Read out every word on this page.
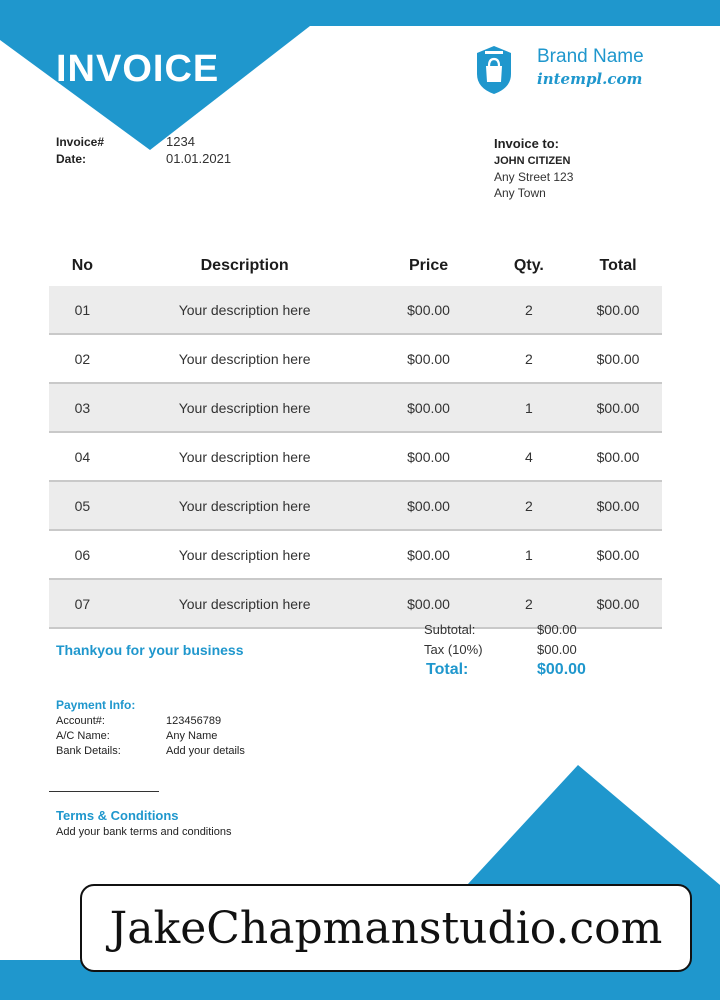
INVOICE	Brand Name
intempl.com
Invoice#	1234
Date:	01.01.2021
Invoice to:
JOHN CITIZEN
Any Street 123
Any Town
No	Description	Price	Qty.	Total
01	Your description here	$00.00	2	$00.00
02	Your description here	$00.00	2	$00.00
03	Your description here	$00.00	1	$00.00
04	Your description here	$00.00	4	$00.00
05	Your description here	$00.00	2	$00.00
06	Your description here	$00.00	1	$00.00
07	Your description here	$00.00	2	$00.00
Thankyou for your business
Subtotal:	$00.00
Tax (10%)	$00.00
Total:	$00.00
Payment Info:
Account#:	123456789
A/C Name:	Any Name
Bank Details:	Add your details
Terms & Conditions
Add your bank terms and conditions
JakeChapmanstudio.com
